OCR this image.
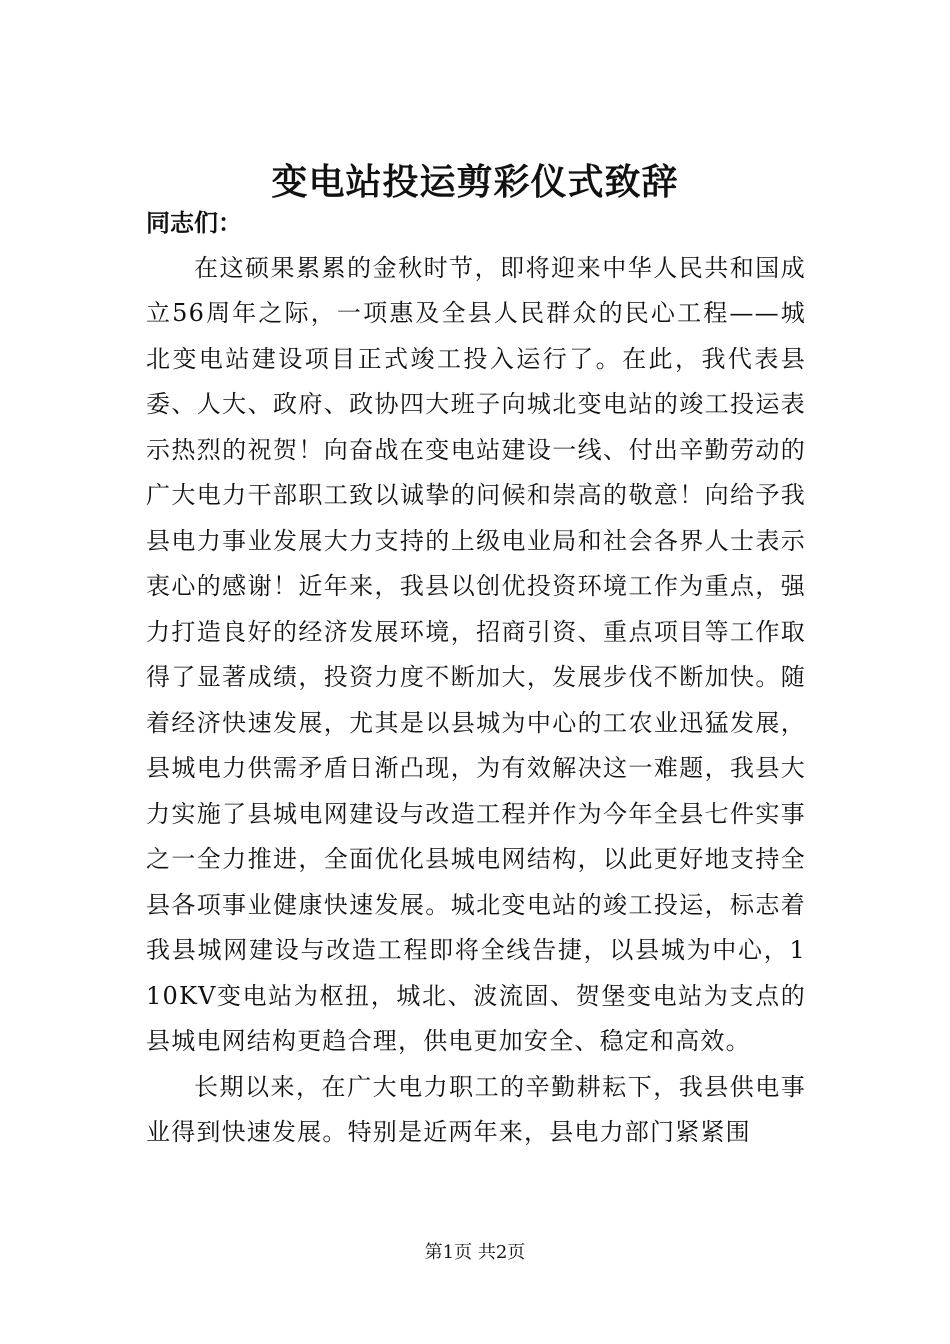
变电站投运剪彩仪式致辞

同志们：

在这硕果累累的金秋时节，即将迎来中华人民共和国成立56周年之际，一项惠及全县人民群众的民心工程——城北变电站建设项目正式竣工投入运行了。在此，我代表县委、人大、政府、政协四大班子向城北变电站的竣工投运表示热烈的祝贺！向奋战在变电站建设一线、付出辛勤劳动的广大电力干部职工致以诚挚的问候和崇高的敬意！向给予我县电力事业发展大力支持的上级电业局和社会各界人士表示衷心的感谢！近年来，我县以创优投资环境工作为重点，强力打造良好的经济发展环境，招商引资、重点项目等工作取得了显著成绩，投资力度不断加大，发展步伐不断加快。随着经济快速发展，尤其是以县城为中心的工农业迅猛发展，县城电力供需矛盾日渐凸现，为有效解决这一难题，我县大力实施了县城电网建设与改造工程并作为今年全县七件实事之一全力推进，全面优化县城电网结构，以此更好地支持全县各项事业健康快速发展。城北变电站的竣工投运，标志着我县城网建设与改造工程即将全线告捷，以县城为中心，110KV变电站为枢扭，城北、波流固、贺堡变电站为支点的县城电网结构更趋合理，供电更加安全、稳定和高效。

长期以来，在广大电力职工的辛勤耕耘下，我县供电事业得到快速发展。特别是近两年来，县电力部门紧紧围

第1页 共2页
